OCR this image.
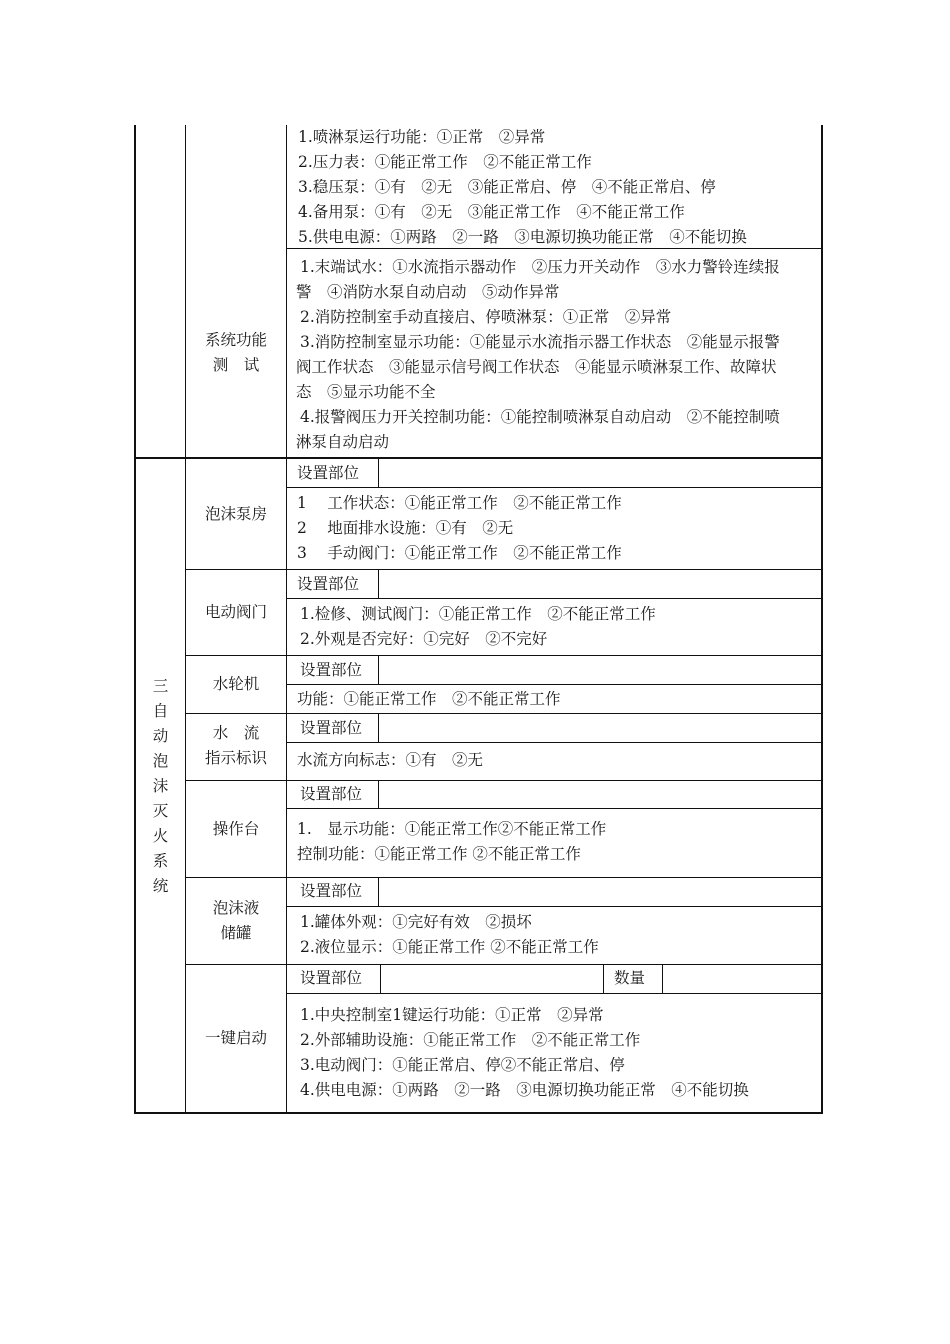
1.喷淋泵运行功能：①正常　②异常

2.压力表：①能正常工作　②不能正常工作

3.稳压泵：①有　②无　③能正常启、停　④不能正常启、停

4.备用泵：①有　②无　③能正常工作　④不能正常工作

5.供电电源：①两路　②一路　③电源切换功能正常　④不能切换

系统功能
测　试

1.末端试水：①水流指示器动作　②压力开关动作　③水力警铃连续报

警　④消防水泵自动启动　⑤动作异常

2.消防控制室手动直接启、停喷淋泵：①正常　②异常

3.消防控制室显示功能：①能显示水流指示器工作状态　②能显示报警

阀工作状态　③能显示信号阀工作状态　④能显示喷淋泵工作、故障状

态　⑤显示功能不全

4.报警阀压力开关控制功能：①能控制喷淋泵自动启动　②不能控制喷

淋泵自动启动

三
自
动
泡
沫
灭
火
系
统
泡沫泵房
设置部位

1　 工作状态：①能正常工作　②不能正常工作

2　 地面排水设施：①有　②无

3　 手动阀门：①能正常工作　②不能正常工作

电动阀门
设置部位

1.检修、测试阀门：①能正常工作　②不能正常工作

2.外观是否完好：①完好　②不完好

水轮机
设置部位
功能：①能正常工作　②不能正常工作
水　流
指示标识
设置部位
水流方向标志：①有　②无
操作台
设置部位

1.　显示功能：①能正常工作②不能正常工作

控制功能：①能正常工作 ②不能正常工作

泡沫液
储罐
设置部位

1.罐体外观：①完好有效　②损坏

2.液位显示：①能正常工作 ②不能正常工作

一键启动
设置部位	数量

1.中央控制室1键运行功能：①正常　②异常

2.外部辅助设施：①能正常工作　②不能正常工作

3.电动阀门：①能正常启、停②不能正常启、停

4.供电电源：①两路　②一路　③电源切换功能正常　④不能切换
